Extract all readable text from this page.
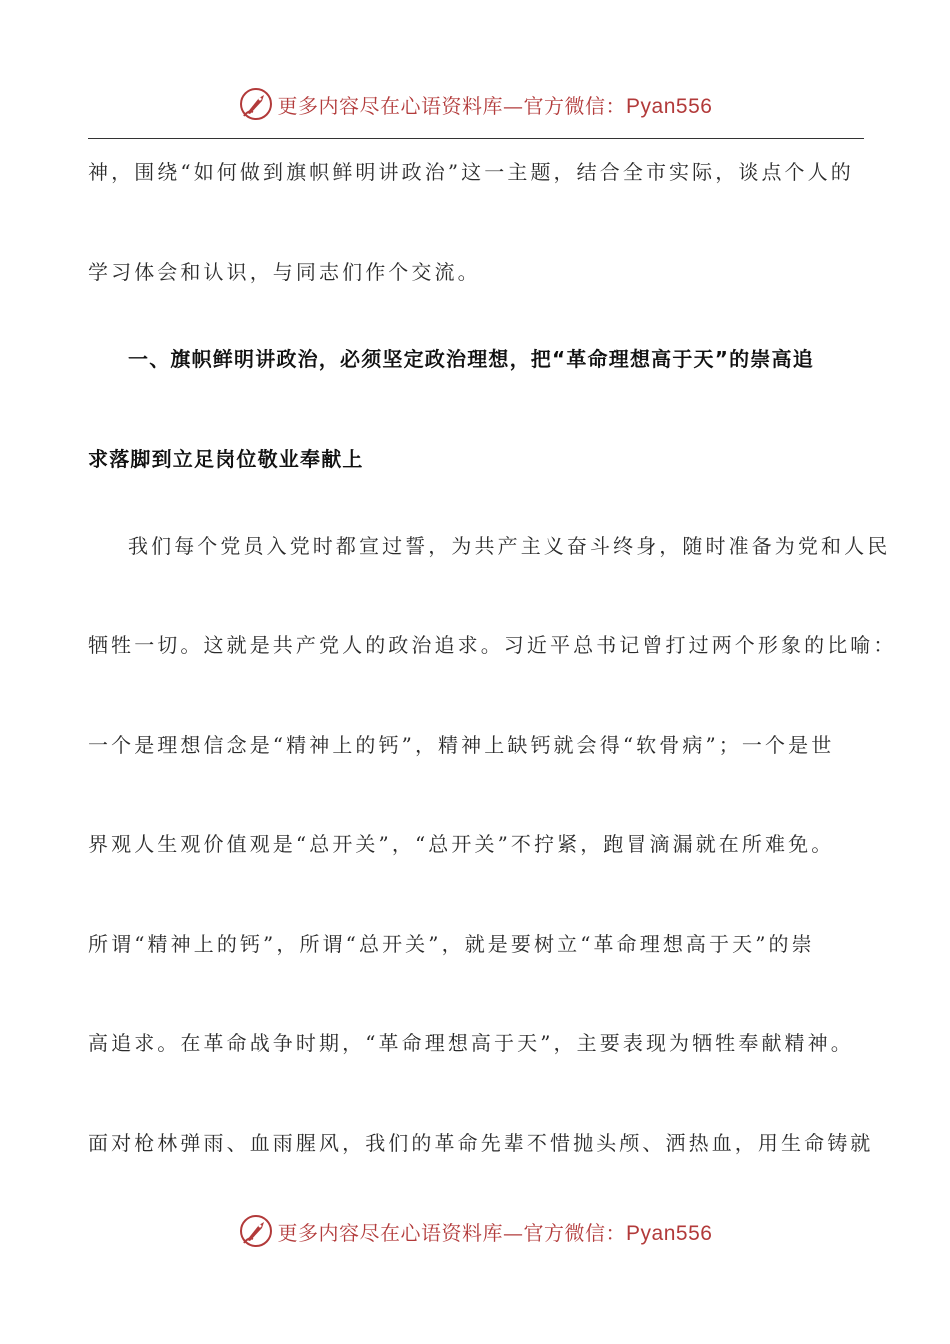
更多内容尽在心语资料库—官方微信：Pyan556
神，围绕“如何做到旗帜鲜明讲政治”这一主题，结合全市实际，谈点个人的
学习体会和认识，与同志们作个交流。
一、旗帜鲜明讲政治，必须坚定政治理想，把“革命理想高于天”的崇高追
求落脚到立足岗位敬业奉献上
我们每个党员入党时都宣过誓，为共产主义奋斗终身，随时准备为党和人民
牺牲一切。这就是共产党人的政治追求。习近平总书记曾打过两个形象的比喻：
一个是理想信念是“精神上的钙”，精神上缺钙就会得“软骨病”；一个是世
界观人生观价值观是“总开关”，“总开关”不拧紧，跑冒滴漏就在所难免。
所谓“精神上的钙”，所谓“总开关”，就是要树立“革命理想高于天”的崇
高追求。在革命战争时期，“革命理想高于天”，主要表现为牺牲奉献精神。
面对枪林弹雨、血雨腥风，我们的革命先辈不惜抛头颅、洒热血，用生命铸就
更多内容尽在心语资料库—官方微信：Pyan556
